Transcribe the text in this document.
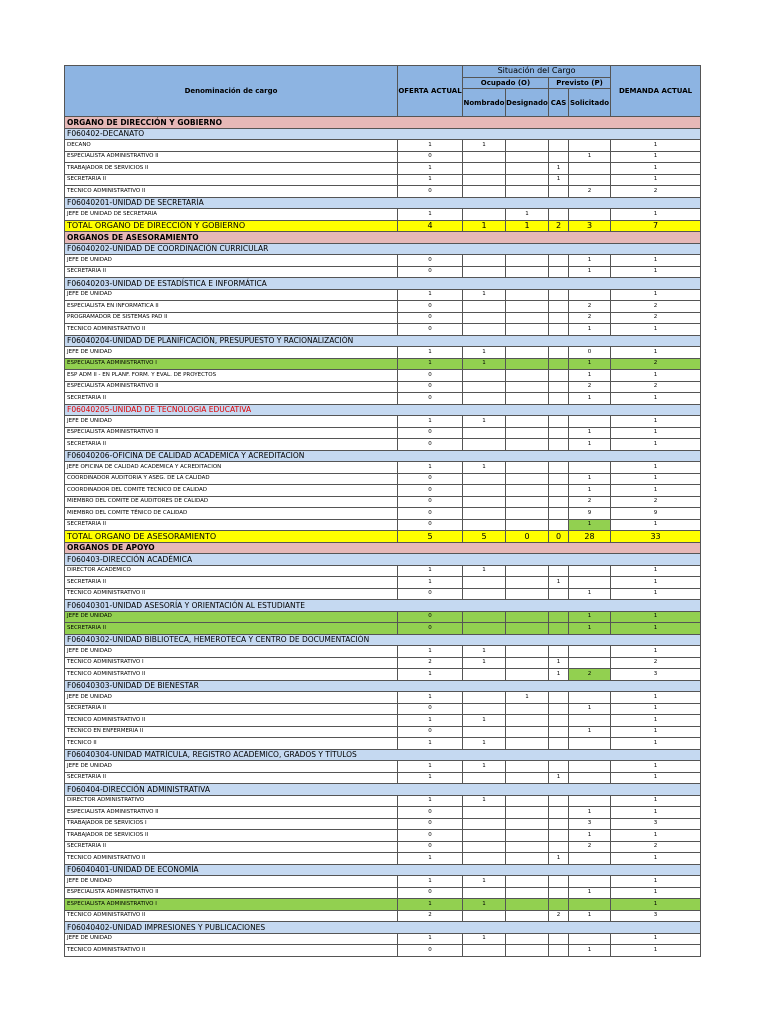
Denominación de cargo	OFERTA ACTUAL	Situación del Cargo				DEMANDA ACTUAL
		Ocupado (O)		Previsto (P)		
		Nombrado	Designado	CAS	Solicitado	
ORGANO DE DIRECCIÓN Y GOBIERNO						
F060402-DECANATO						
DECANO	1	1				1
ESPECIALISTA ADMINISTRATIVO II	0				1	1
TRABAJADOR DE SERVICIOS II	1			1		1
SECRETARIA II	1			1		1
TECNICO ADMINISTRATIVO II	0				2	2
F06040201-UNIDAD DE SECRETARÍA						
JEFE DE UNIDAD DE SECRETARIA	1		1			1
TOTAL ORGANO DE DIRECCIÓN Y GOBIERNO	4	1	1	2	3	7
ORGANOS DE ASESORAMIENTO						
F06040202-UNIDAD DE COORDINACIÓN CURRICULAR						
JEFE DE UNIDAD	0				1	1
SECRETARIA II	0				1	1
F06040203-UNIDAD DE ESTADÍSTICA E INFORMÁTICA						
JEFE DE UNIDAD	1	1				1
ESPECIALISTA EN INFORMATICA II	0				2	2
PROGRAMADOR DE SISTEMAS PAD II	0				2	2
TECNICO ADMINISTRATIVO II	0				1	1
F06040204-UNIDAD DE PLANIFICACIÓN, PRESUPUESTO Y RACIONALIZACIÓN						
JEFE DE UNIDAD	1	1			0	1
ESPECIALISTA ADMINISTRATIVO I	1	1			1	2
ESP ADM II - EN PLANF. FORM. Y EVAL. DE PROYECTOS	0				1	1
ESPECIALISTA ADMINISTRATIVO II	0				2	2
SECRETARIA II	0				1	1
F06040205-UNIDAD DE TECNOLOGIA EDUCATIVA						
JEFE DE UNIDAD	1	1				1
ESPECIALISTA ADMINISTRATIVO II	0				1	1
SECRETARIA II	0				1	1
F06040206-OFICINA DE CALIDAD ACADEMICA Y ACREDITACION						
JEFE OFICINA DE CALIDAD ACADEMICA Y ACREDITACION	1	1				1
COORDINADOR AUDITORIA Y ASEG. DE LA CALIDAD	0				1	1
COORDINADOR DEL COMITE TECNICO DE CALIDAD	0				1	1
MIEMBRO DEL COMITE DE AUDITORES DE CALIDAD	0				2	2
MIEMBRO DEL COMITE TÉNICO DE CALIDAD	0				9	9
SECRETARIA II	0				1	1
TOTAL ORGANO DE ASESORAMIENTO	5	5	0	0	28	33
ORGANOS DE APOYO						
F060403-DIRECCIÓN ACADÉMICA						
DIRECTOR ACADEMICO	1	1				1
SECRETARIA II	1			1		1
TECNICO ADMINISTRATIVO II	0				1	1
F06040301-UNIDAD ASESORÍA Y ORIENTACIÓN AL ESTUDIANTE						
JEFE DE UNIDAD	0				1	1
SECRETARIA II	0				1	1
F06040302-UNIDAD BIBLIOTECA, HEMEROTECA Y CENTRO DE DOCUMENTACIÓN						
JEFE DE UNIDAD	1	1				1
TECNICO ADMINISTRATIVO I	2	1		1		2
TECNICO ADMINISTRATIVO II	1			1	2	3
F06040303-UNIDAD DE BIENESTAR						
JEFE DE UNIDAD	1		1			1
SECRETARIA II	0				1	1
TECNICO ADMINISTRATIVO II	1	1				1
TECNICO EN ENFERMERIA II	0				1	1
TECNICO II	1	1				1
F06040304-UNIDAD MATRÍCULA, REGISTRO ACADÉMICO, GRADOS Y TÍTULOS						
JEFE DE UNIDAD	1	1				1
SECRETARIA II	1			1		1
F060404-DIRECCIÓN ADMINISTRATIVA						
DIRECTOR ADMINISTRATIVO	1	1				1
ESPECIALISTA ADMINISTRATIVO II	0				1	1
TRABAJADOR DE SERVICIOS I	0				3	3
TRABAJADOR DE SERVICIOS II	0				1	1
SECRETARIA II	0				2	2
TECNICO ADMINISTRATIVO II	1			1		1
F06040401-UNIDAD DE ECONOMÍA						
JEFE DE UNIDAD	1	1				1
ESPECIALISTA ADMINISTRATIVO II	0				1	1
ESPECIALISTA ADMINISTRATIVO I	1	1				1
TECNICO ADMINISTRATIVO II	2			2	1	3
F06040402-UNIDAD IMPRESIONES Y PUBLICACIONES						
JEFE DE UNIDAD	1	1				1
TECNICO ADMINISTRATIVO II	0				1	1
